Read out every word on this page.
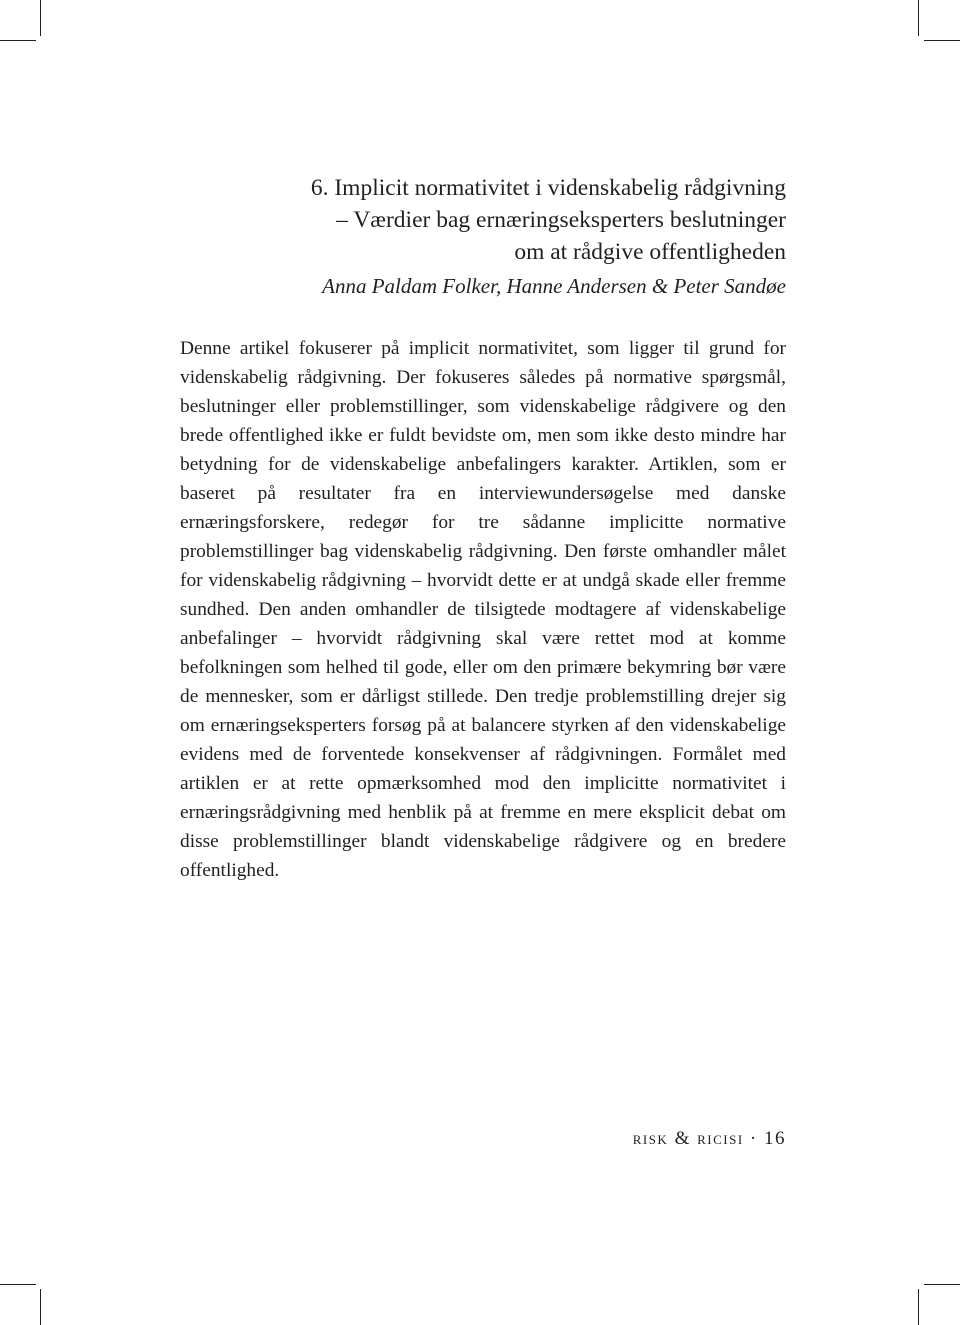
6. Implicit normativitet i videnskabelig rådgivning
– Værdier bag ernæringseksperters beslutninger
om at rådgive offentligheden
Anna Paldam Folker, Hanne Andersen & Peter Sandøe

Denne artikel fokuserer på implicit normativitet, som ligger til grund for videnskabelig rådgivning. Der fokuseres således på normative spørgsmål, beslutninger eller problemstillinger, som videnskabelige rådgivere og den brede offentlighed ikke er fuldt bevidste om, men som ikke desto mindre har betydning for de videnskabelige anbefalingers karakter. Artiklen, som er baseret på resultater fra en interviewundersøgelse med danske ernæringsforskere, redegør for tre sådanne implicitte normative problemstillinger bag videnskabelig rådgivning. Den første omhandler målet for videnskabelig rådgivning – hvorvidt dette er at undgå skade eller fremme sundhed. Den anden omhandler de tilsigtede modtagere af videnskabelige anbefalinger – hvorvidt rådgivning skal være rettet mod at komme befolkningen som helhed til gode, eller om den primære bekymring bør være de mennesker, som er dårligst stillede. Den tredje problemstilling drejer sig om ernæringseksperters forsøg på at balancere styrken af den videnskabelige evidens med de forventede konsekvenser af rådgivningen. Formålet med artiklen er at rette opmærksomhed mod den implicitte normativitet i ernæringsrådgivning med henblik på at fremme en mere eksplicit debat om disse problemstillinger blandt videnskabelige rådgivere og en bredere offentlighed.

risk & ricisi · 16
